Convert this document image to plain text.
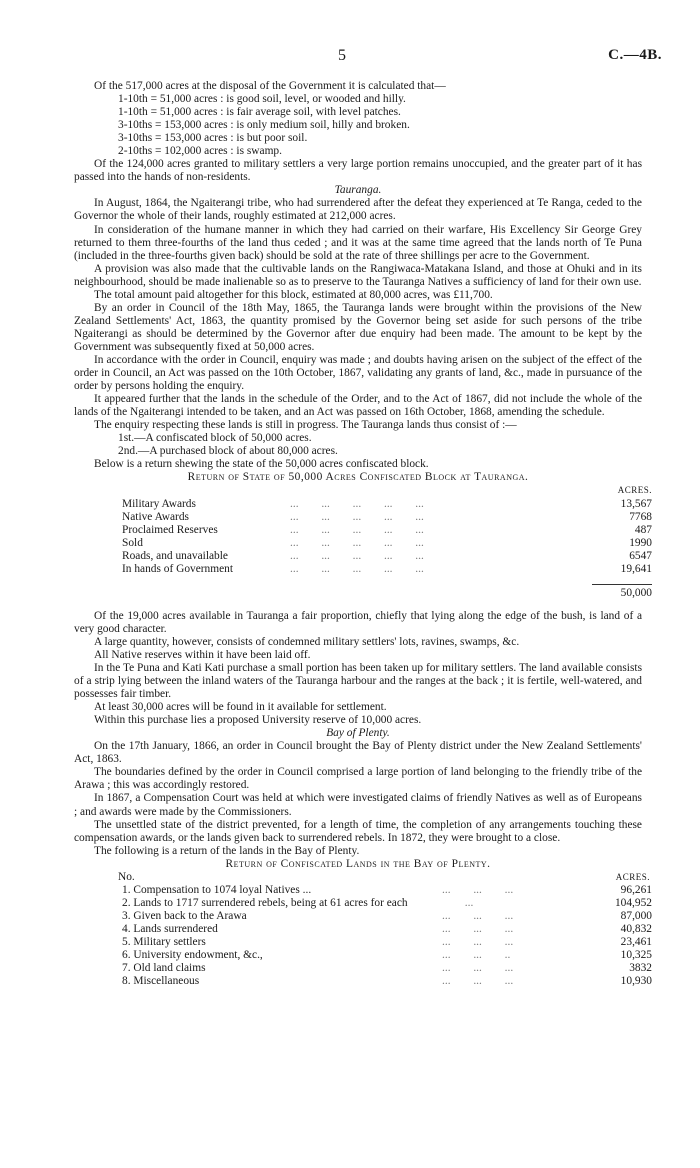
5	C.—4B.

Of the 517,000 acres at the disposal of the Government it is calculated that—

1-10th = 51,000 acres : is good soil, level, or wooded and hilly.
1-10th = 51,000 acres : is fair average soil, with level patches.
3-10ths = 153,000 acres : is only medium soil, hilly and broken.
3-10ths = 153,000 acres : is but poor soil.
2-10ths = 102,000 acres : is swamp.

Of the 124,000 acres granted to military settlers a very large portion remains unoccupied, and the greater part of it has passed into the hands of non-residents.

Tauranga.

In August, 1864, the Ngaiterangi tribe, who had surrendered after the defeat they experienced at Te Ranga, ceded to the Governor the whole of their lands, roughly estimated at 212,000 acres.

In consideration of the humane manner in which they had carried on their warfare, His Excellency Sir George Grey returned to them three-fourths of the land thus ceded ; and it was at the same time agreed that the lands north of Te Puna (included in the three-fourths given back) should be sold at the rate of three shillings per acre to the Government.

A provision was also made that the cultivable lands on the Rangiwaca-Matakana Island, and those at Ohuki and in its neighbourhood, should be made inalienable so as to preserve to the Tauranga Natives a sufficiency of land for their own use.

The total amount paid altogether for this block, estimated at 80,000 acres, was £11,700.

By an order in Council of the 18th May, 1865, the Tauranga lands were brought within the provisions of the New Zealand Settlements' Act, 1863, the quantity promised by the Governor being set aside for such persons of the tribe Ngaiterangi as should be determined by the Governor after due enquiry had been made. The amount to be kept by the Government was subsequently fixed at 50,000 acres.

In accordance with the order in Council, enquiry was made ; and doubts having arisen on the subject of the effect of the order in Council, an Act was passed on the 10th October, 1867, validating any grants of land, &c., made in pursuance of the order by persons holding the enquiry.

It appeared further that the lands in the schedule of the Order, and to the Act of 1867, did not include the whole of the lands of the Ngaiterangi intended to be taken, and an Act was passed on 16th October, 1868, amending the schedule.

The enquiry respecting these lands is still in progress. The Tauranga lands thus consist of :—

1st.—A confiscated block of 50,000 acres.
2nd.—A purchased block of about 80,000 acres.

Below is a return shewing the state of the 50,000 acres confiscated block.

Return of State of 50,000 Acres Confiscated Block at Tauranga.
ACRES.
Military Awards	...  ...  ...  ...  ...	13,567
Native Awards	...  ...  ...  ...  ...	7768
Proclaimed Reserves	...  ...  ...  ...  ...	487
Sold	...  ...  ...  ...  ...	1990
Roads, and unavailable	...  ...  ...  ...  ...	6547
In hands of Government	...  ...  ...  ...  ...	19,641
50,000

Of the 19,000 acres available in Tauranga a fair proportion, chiefly that lying along the edge of the bush, is land of a very good character.

A large quantity, however, consists of condemned military settlers' lots, ravines, swamps, &c.

All Native reserves within it have been laid off.

In the Te Puna and Kati Kati purchase a small portion has been taken up for military settlers. The land available consists of a strip lying between the inland waters of the Tauranga harbour and the ranges at the back ; it is fertile, well-watered, and possesses fair timber.

At least 30,000 acres will be found in it available for settlement.

Within this purchase lies a proposed University reserve of 10,000 acres.

Bay of Plenty.

On the 17th January, 1866, an order in Council brought the Bay of Plenty district under the New Zealand Settlements' Act, 1863.

The boundaries defined by the order in Council comprised a large portion of land belonging to the friendly tribe of the Arawa ; this was accordingly restored.

In 1867, a Compensation Court was held at which were investigated claims of friendly Natives as well as of Europeans ; and awards were made by the Commissioners.

The unsettled state of the district prevented, for a length of time, the completion of any arrangements touching these compensation awards, or the lands given back to surrendered rebels. In 1872, they were brought to a close.

The following is a return of the lands in the Bay of Plenty.

Return of Confiscated Lands in the Bay of Plenty.
No.	ACRES.
1. Compensation to 1074 loyal Natives ...	...  ...  ...	96,261
2. Lands to 1717 surrendered rebels, being at 61 acres for each	  ...	104,952
3. Given back to the Arawa	...  ...  ...	87,000
4. Lands surrendered	...  ...  ...	40,832
5. Military settlers	...  ...  ...	23,461
6. University endowment, &c.,	...  ...  ..	10,325
7. Old land claims	...  ...  ...	3832
8. Miscellaneous	...  ...  ...	10,930
